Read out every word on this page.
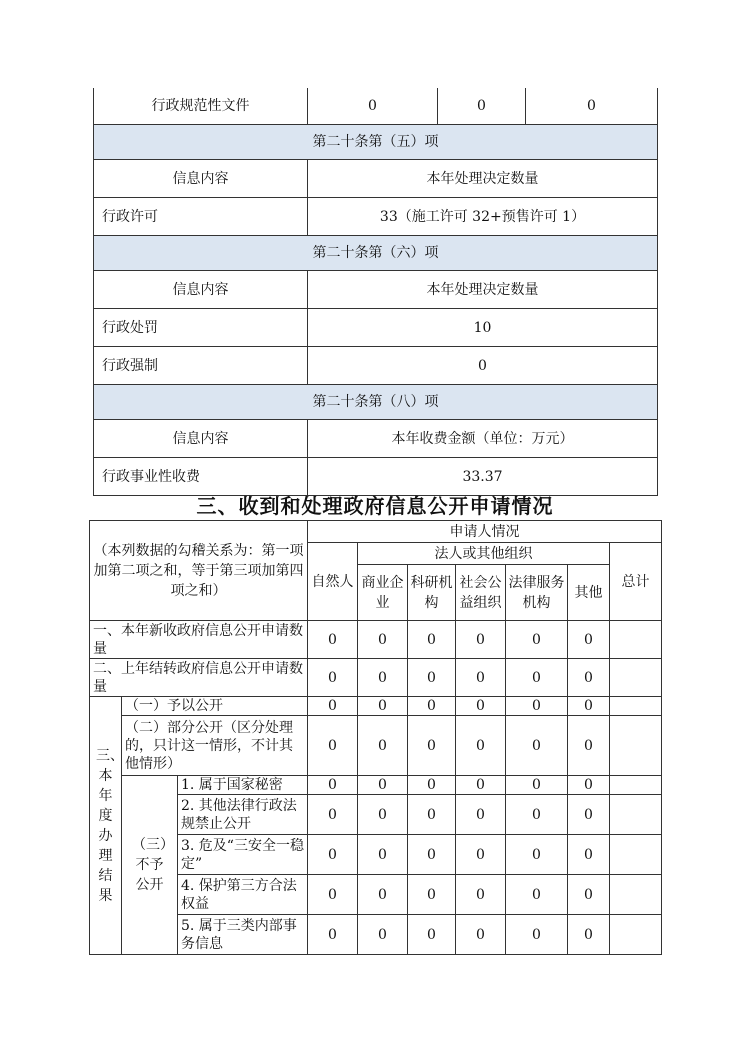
行政规范性文件	0	0	0
第二十条第（五）项			
信息内容	本年处理决定数量		
行政许可	33（施工许可 32+预售许可 1）		
第二十条第（六）项			
信息内容	本年处理决定数量		
行政处罚	10		
行政强制	0		
第二十条第（八）项			
信息内容	本年收费金额（单位：万元）		
行政事业性收费	33.37		
三、收到和处理政府信息公开申请情况
（本列数据的勾稽关系为：第一项加第二项之和，等于第三项加第四项之和）			申请人情况						
			自然人	法人或其他组织					总计
				商业企业	科研机构	社会公益组织	法律服务机构	其他	
一、本年新收政府信息公开申请数量			0	0	0	0	0	0	
二、上年结转政府信息公开申请数量			0	0	0	0	0	0	
三、本年度办理结果	（一）予以公开		0	0	0	0	0	0	
	（二）部分公开（区分处理的，只计这一情形，不计其他情形）		0	0	0	0	0	0	
	（三）不予公开	1. 属于国家秘密	0	0	0	0	0	0	
		2. 其他法律行政法规禁止公开	0	0	0	0	0	0	
		3. 危及“三安全一稳定”	0	0	0	0	0	0	
		4. 保护第三方合法权益	0	0	0	0	0	0	
		5. 属于三类内部事务信息	0	0	0	0	0	0	
